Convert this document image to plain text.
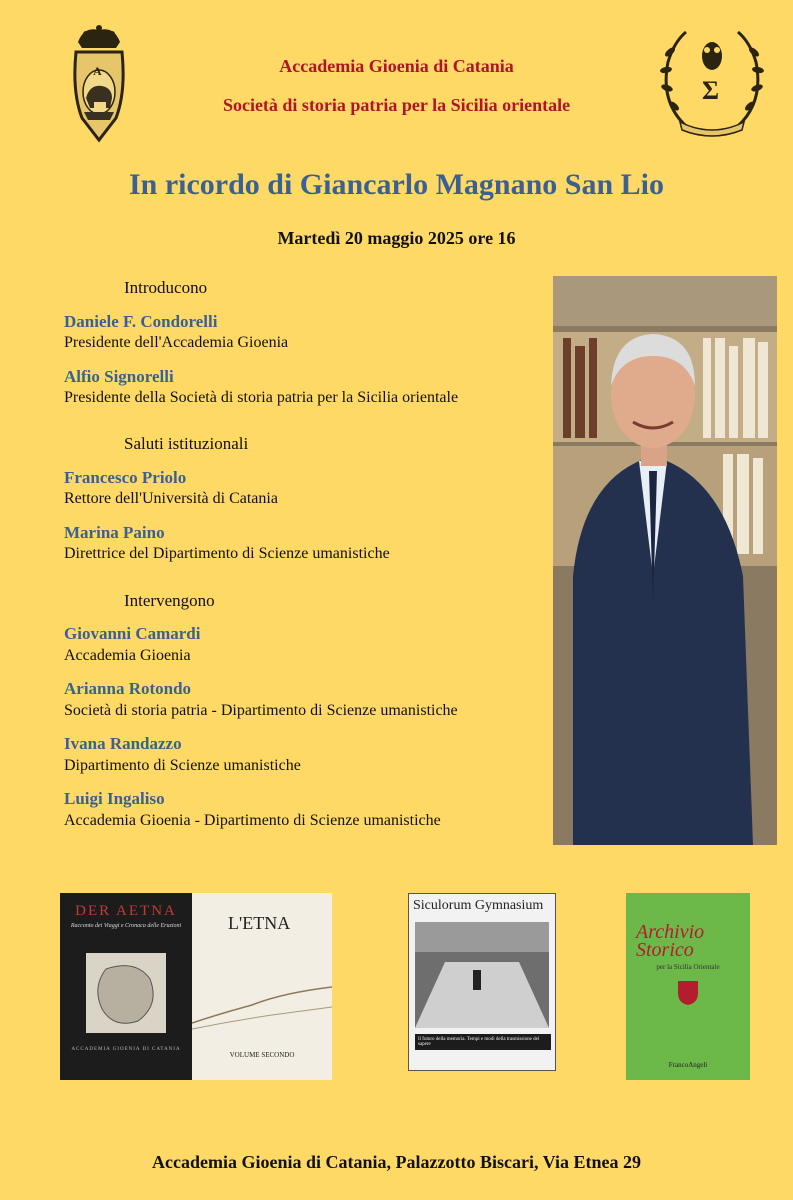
A
Σ
Accademia Gioenia di Catania
Società di storia patria per la Sicilia orientale
In ricordo di Giancarlo Magnano San Lio
Martedì 20 maggio 2025 ore 16
Introducono
Daniele F. Condorelli
Presidente dell'Accademia Gioenia
Alfio Signorelli
Presidente della Società di storia patria per la Sicilia orientale
Saluti istituzionali
Francesco Priolo
Rettore dell'Università di Catania
Marina Paino
Direttrice del Dipartimento di Scienze umanistiche
Intervengono
Giovanni Camardi
Accademia Gioenia
Arianna Rotondo
Società di storia patria - Dipartimento di Scienze umanistiche
Ivana Randazzo
Dipartimento di Scienze umanistiche
Luigi Ingaliso
Accademia Gioenia - Dipartimento di Scienze umanistiche
DER AETNA
Racconto dei Viaggi e Cronaca delle Eruzioni
ACCADEMIA GIOENIA DI CATANIA
L'ETNA
VOLUME SECONDO
Siculorum Gymnasium
Il futuro della memoria. Tempi e modi della trasmissione del sapere
Archivio Storico
per la Sicilia Orientale
FrancoAngeli
Accademia Gioenia di Catania, Palazzotto Biscari, Via Etnea 29
